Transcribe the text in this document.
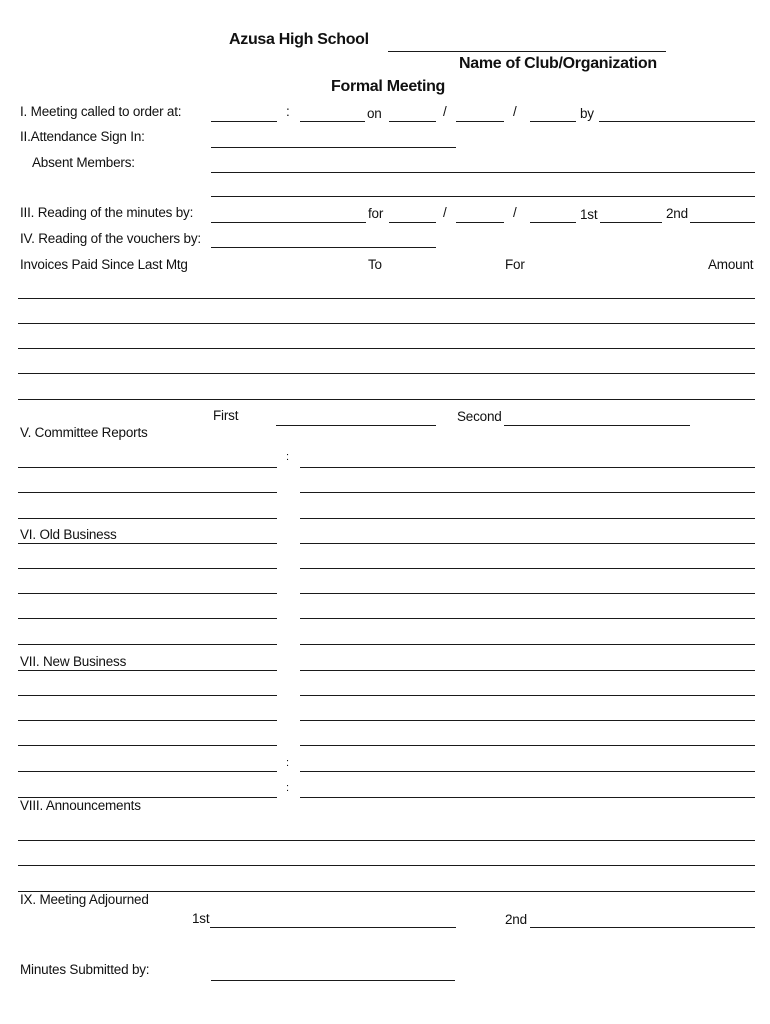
Azusa High School
Name of Club/Organization
Formal Meeting
I. Meeting called to order at:	:	on	/	/	by
II.Attendance Sign In:
Absent Members:
III. Reading of the minutes by:	for	/	/	1st	2nd
IV. Reading of the vouchers by:
Invoices Paid Since Last Mtg	To	For	Amount
First	Second
V. Committee Reports
:
VI. Old Business
VII. New Business
:
:
VIII. Announcements
IX. Meeting Adjourned
1st	2nd
Minutes Submitted by:
